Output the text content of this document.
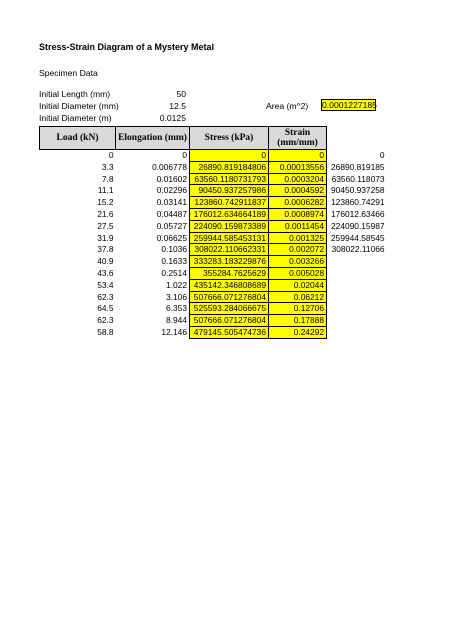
Stress-Strain Diagram of a Mystery Metal
Specimen Data
Initial Length (mm)	50
Initial Diameter (mm)	12.5
Initial Diameter (m)	0.0125
Area (m^2) 0.0001227185
Load (kN)	Elongation (mm)	Stress (kPa)	Strain (mm/mm)	
0	0	0	0	0
3.3	0.006778	26890.819184806	0.00013556	26890.819185
7.8	0.01602	63560.1180731793	0.0003204	63560.118073
11.1	0.02296	90450.937257986	0.0004592	90450.937258
15.2	0.03141	123860.742911837	0.0006282	123860.74291
21.6	0.04487	176012.634664189	0.0008974	176012.63466
27.5	0.05727	224090.159873389	0.0011454	224090.15987
31.9	0.06625	259944.585453131	0.001325	259944.58545
37.8	0.1036	308022.110662331	0.002072	308022.11066
40.9	0.1633	333283.183229876	0.003266	
43.6	0.2514	355284.7625629	0.005028	
53.4	1.022	435142.346808689	0.02044	
62.3	3.106	507666.071276804	0.06212	
64.5	6.353	525593.284066675	0.12706	
62.3	8.944	507666.071276804	0.17888	
58.8	12.146	479145.505474736	0.24292	
